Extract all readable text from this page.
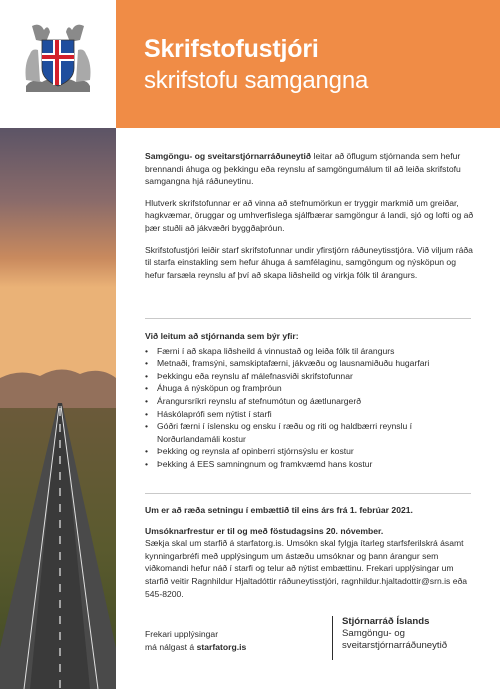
Skrifstofustjóri
skrifstofu samgangna

Samgöngu- og sveitarstjórnarráðuneytið leitar að öflugum stjórnanda sem hefur brennandi áhuga og þekkingu eða reynslu af samgöngumálum til að leiða skrifstofu samgangna hjá ráðuneytinu.

Hlutverk skrifstofunnar er að vinna að stefnumörkun er tryggir markmið um greiðar, hagkvæmar, öruggar og umhverfislega sjálfbærar samgöngur á landi, sjó og lofti og að þær stuðli að jákvæðri byggðaþróun.

Skrifstofustjóri leiðir starf skrifstofunnar undir yfirstjórn ráðuneytisstjóra. Við viljum ráða til starfa einstakling sem hefur áhuga á samfélaginu, samgöngum og nýsköpun og hefur farsæla reynslu af því að skapa liðsheild og virkja fólk til árangurs.

Við leitum að stjórnanda sem býr yfir:
• Færni í að skapa liðsheild á vinnustað og leiða fólk til árangurs
• Metnaði, framsýni, samskiptafærni, jákvæðu og lausnamiðuðu hugarfari
• Þekkingu eða reynslu af málefnasviði skrifstofunnar
• Áhuga á nýsköpun og framþróun
• Árangursríkri reynslu af stefnumótun og áætlunargerð
• Háskólaprófi sem nýtist í starfi
• Góðri færni í íslensku og ensku í ræðu og riti og haldbærri reynslu í Norðurlandamáli kostur
• Þekking og reynsla af opinberri stjórnsýslu er kostur
• Þekking á EES samningnum og framkvæmd hans kostur
Um er að ræða setningu í embættið til eins árs frá 1. febrúar 2021.
Umsóknarfrestur er til og með föstudagsins 20. nóvember.
Sækja skal um starfið á starfatorg.is. Umsókn skal fylgja ítarleg starfsferilskrá ásamt kynningarbréfi með upplýsingum um ástæðu umsóknar og þann árangur sem viðkomandi hefur náð í starfi og telur að nýtist embættinu. Frekari upplýsingar um starfið veitir Ragnhildur Hjaltadóttir ráðuneytisstjóri, ragnhildur.hjaltadottir@srn.is eða 545-8200.
Frekari upplýsingar
má nálgast á starfatorg.is
Stjórnarráð Íslands
Samgöngu- og
sveitarstjórnarráðuneytið
